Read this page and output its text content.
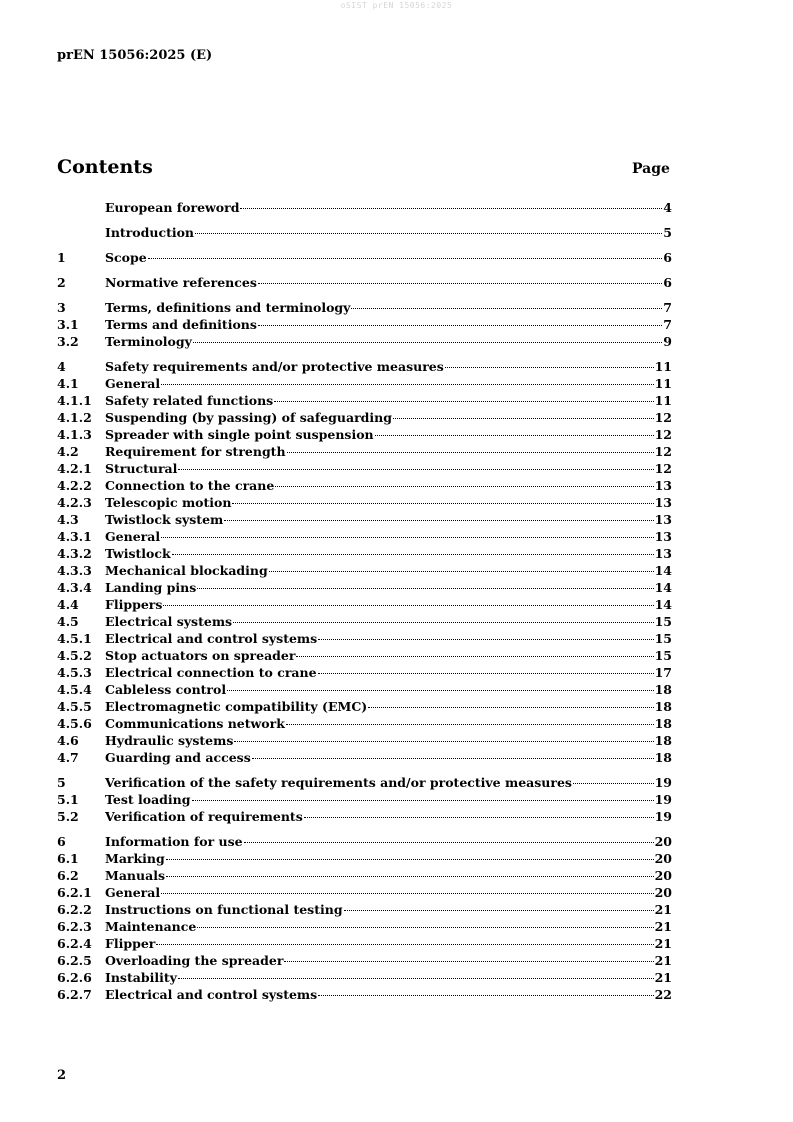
oSIST prEN 15056:2025
prEN 15056:2025 (E)
Contents	Page
European foreword	4
Introduction	5
1	Scope	6
2	Normative references	6
3	Terms, definitions and terminology	7
3.1	Terms and definitions	7
3.2	Terminology	9
4	Safety requirements and/or protective measures	11
4.1	General	11
4.1.1	Safety related functions	11
4.1.2	Suspending (by passing) of safeguarding	12
4.1.3	Spreader with single point suspension	12
4.2	Requirement for strength	12
4.2.1	Structural	12
4.2.2	Connection to the crane	13
4.2.3	Telescopic motion	13
4.3	Twistlock system	13
4.3.1	General	13
4.3.2	Twistlock	13
4.3.3	Mechanical blockading	14
4.3.4	Landing pins	14
4.4	Flippers	14
4.5	Electrical systems	15
4.5.1	Electrical and control systems	15
4.5.2	Stop actuators on spreader	15
4.5.3	Electrical connection to crane	17
4.5.4	Cableless control	18
4.5.5	Electromagnetic compatibility (EMC)	18
4.5.6	Communications network	18
4.6	Hydraulic systems	18
4.7	Guarding and access	18
5	Verification of the safety requirements and/or protective measures	19
5.1	Test loading	19
5.2	Verification of requirements	19
6	Information for use	20
6.1	Marking	20
6.2	Manuals	20
6.2.1	General	20
6.2.2	Instructions on functional testing	21
6.2.3	Maintenance	21
6.2.4	Flipper	21
6.2.5	Overloading the spreader	21
6.2.6	Instability	21
6.2.7	Electrical and control systems	22
2
